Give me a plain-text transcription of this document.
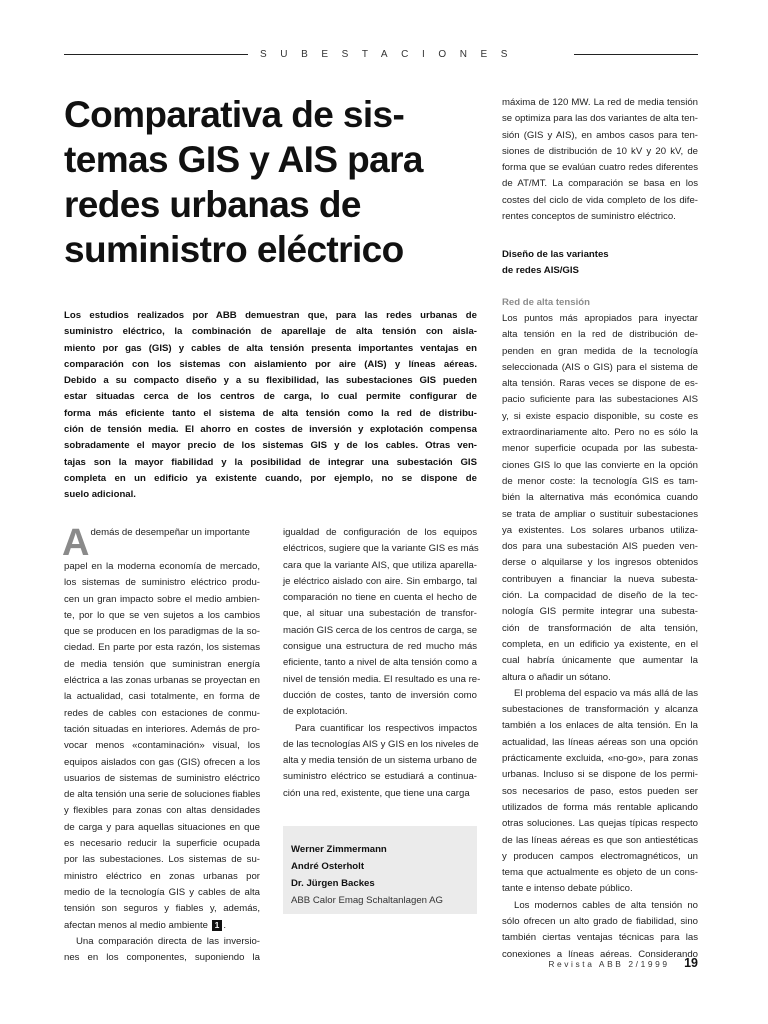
SUBESTACIONES
Comparativa de sis-
temas GIS y AIS para
redes urbanas de
suministro eléctrico
Los estudios realizados por ABB demuestran que, para las redes urbanas de
suministro eléctrico, la combinación de aparellaje de alta tensión con aisla-
miento por gas (GIS) y cables de alta tensión presenta importantes ventajas en
comparación con los sistemas con aislamiento por aire (AIS) y líneas aéreas.
Debido a su compacto diseño y a su flexibilidad, las subestaciones GIS pueden
estar situadas cerca de los centros de carga, lo cual permite configurar de
forma más eficiente tanto el sistema de alta tensión como la red de distribu-
ción de tensión media. El ahorro en costes de inversión y explotación compensa
sobradamente el mayor precio de los sistemas GIS y de los cables. Otras ven-
tajas son la mayor fiabilidad y la posibilidad de integrar una subestación GIS
completa en un edificio ya existente cuando, por ejemplo, no se dispone de
suelo adicional.
A demás de desempeñar un importante
papel en la moderna economía de mercado,
los sistemas de suministro eléctrico produ-
cen un gran impacto sobre el medio ambien-
te, por lo que se ven sujetos a los cambios
que se producen en los paradigmas de la so-
ciedad. En parte por esta razón, los sistemas
de media tensión que suministran energía
eléctrica a las zonas urbanas se proyectan en
la actualidad, casi totalmente, en forma de
redes de cables con estaciones de conmu-
tación situadas en interiores. Además de pro-
vocar menos «contaminación» visual, los
equipos aislados con gas (GIS) ofrecen a los
usuarios de sistemas de suministro eléctrico
de alta tensión una serie de soluciones fiables
y flexibles para zonas con altas densidades
de carga y para aquellas situaciones en que
es necesario reducir la superficie ocupada
por las subestaciones. Los sistemas de su-
ministro eléctrico en zonas urbanas por
medio de la tecnología GIS y cables de alta
tensión son seguros y fiables y, además,
afectan menos al medio ambiente 1 .
Una comparación directa de las inversio-
nes en los componentes, suponiendo la
igualdad de configuración de los equipos
eléctricos, sugiere que la variante GIS es más
cara que la variante AIS, que utiliza aparella-
je eléctrico aislado con aire. Sin embargo, tal
comparación no tiene en cuenta el hecho de
que, al situar una subestación de transfor-
mación GIS cerca de los centros de carga, se
consigue una estructura de red mucho más
eficiente, tanto a nivel de alta tensión como a
nivel de tensión media. El resultado es una re-
ducción de costes, tanto de inversión como
de explotación.
Para cuantificar los respectivos impactos
de las tecnologías AIS y GIS en los niveles de
alta y media tensión de un sistema urbano de
suministro eléctrico se estudiará a continua-
ción una red, existente, que tiene una carga
Werner Zimmermann
André Osterholt
Dr. Jürgen Backes
ABB Calor Emag Schaltanlagen AG
máxima de 120 MW. La red de media tensión
se optimiza para las dos variantes de alta ten-
sión (GIS y AIS), en ambos casos para ten-
siones de distribución de 10 kV y 20 kV, de
forma que se evalúan cuatro redes diferentes
de AT/MT. La comparación se basa en los
costes del ciclo de vida completo de los dife-
rentes conceptos de suministro eléctrico.
Diseño de las variantes
de redes AIS/GIS
Red de alta tensión
Los puntos más apropiados para inyectar
alta tensión en la red de distribución de-
penden en gran medida de la tecnología
seleccionada (AIS o GIS) para el sistema de
alta tensión. Raras veces se dispone de es-
pacio suficiente para las subestaciones AIS
y, si existe espacio disponible, su coste es
extraordinariamente alto. Pero no es sólo la
menor superficie ocupada por las subesta-
ciones GIS lo que las convierte en la opción
de menor coste: la tecnología GIS es tam-
bién la alternativa más económica cuando
se trata de ampliar o sustituir subestaciones
ya existentes. Los solares urbanos utiliza-
dos para una subestación AIS pueden ven-
derse o alquilarse y los ingresos obtenidos
contribuyen a financiar la nueva subesta-
ción. La compacidad de diseño de la tec-
nología GIS permite integrar una subesta-
ción de transformación de alta tensión,
completa, en un edificio ya existente, en el
cual habría únicamente que aumentar la
altura o añadir un sótano.
El problema del espacio va más allá de las
subestaciones de transformación y alcanza
también a los enlaces de alta tensión. En la
actualidad, las líneas aéreas son una opción
prácticamente excluida, «no-go», para zonas
urbanas. Incluso si se dispone de los permi-
sos necesarios de paso, estos pueden ser
utilizados de forma más rentable aplicando
otras soluciones. Las quejas típicas respecto
de las líneas aéreas es que son antiestéticas
y producen campos electromagnéticos, un
tema que actualmente es objeto de un cons-
tante e intenso debate público.
Los modernos cables de alta tensión no
sólo ofrecen un alto grado de fiabilidad, sino
también ciertas ventajas técnicas para las
conexiones a líneas aéreas. Considerando
Revista ABB 2/1999 19
